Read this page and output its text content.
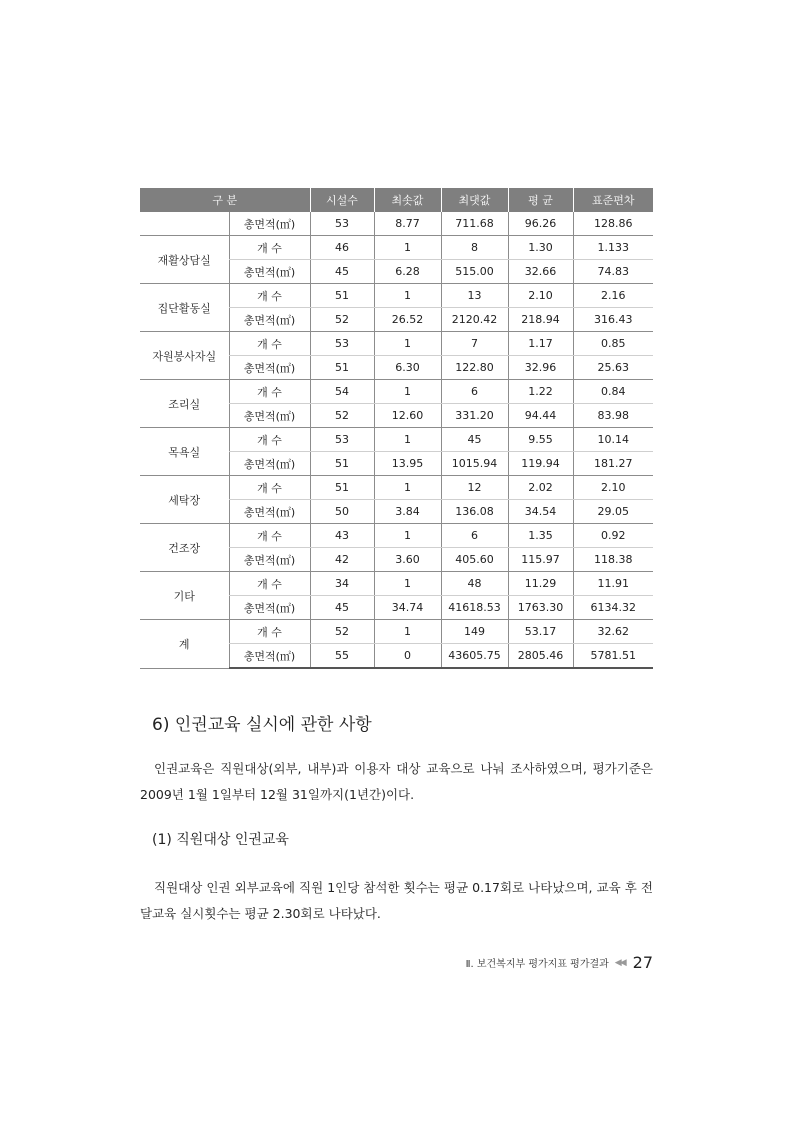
구 분		시설수	최솟값	최댓값	평 균	표준편차
	총면적(㎡)	53	8.77	711.68	96.26	128.86
재활상담실	개 수	46	1	8	1.30	1.133
	총면적(㎡)	45	6.28	515.00	32.66	74.83
집단활동실	개 수	51	1	13	2.10	2.16
	총면적(㎡)	52	26.52	2120.42	218.94	316.43
자원봉사자실	개 수	53	1	7	1.17	0.85
	총면적(㎡)	51	6.30	122.80	32.96	25.63
조리실	개 수	54	1	6	1.22	0.84
	총면적(㎡)	52	12.60	331.20	94.44	83.98
목욕실	개 수	53	1	45	9.55	10.14
	총면적(㎡)	51	13.95	1015.94	119.94	181.27
세탁장	개 수	51	1	12	2.02	2.10
	총면적(㎡)	50	3.84	136.08	34.54	29.05
건조장	개 수	43	1	6	1.35	0.92
	총면적(㎡)	42	3.60	405.60	115.97	118.38
기타	개 수	34	1	48	11.29	11.91
	총면적(㎡)	45	34.74	41618.53	1763.30	6134.32
계	개 수	52	1	149	53.17	32.62
	총면적(㎡)	55	0	43605.75	2805.46	5781.51
6) 인권교육 실시에 관한 사항
인권교육은 직원대상(외부, 내부)과 이용자 대상 교육으로 나눠 조사하였으며, 평가기준은 2009년 1월 1일부터 12월 31일까지(1년간)이다.
(1) 직원대상 인권교육
직원대상 인권 외부교육에 직원 1인당 참석한 횟수는 평균 0.17회로 나타났으며, 교육 후 전달교육 실시횟수는 평균 2.30회로 나타났다.
Ⅱ. 보건복지부 평가지표 평가결과 ◀◀ 27
